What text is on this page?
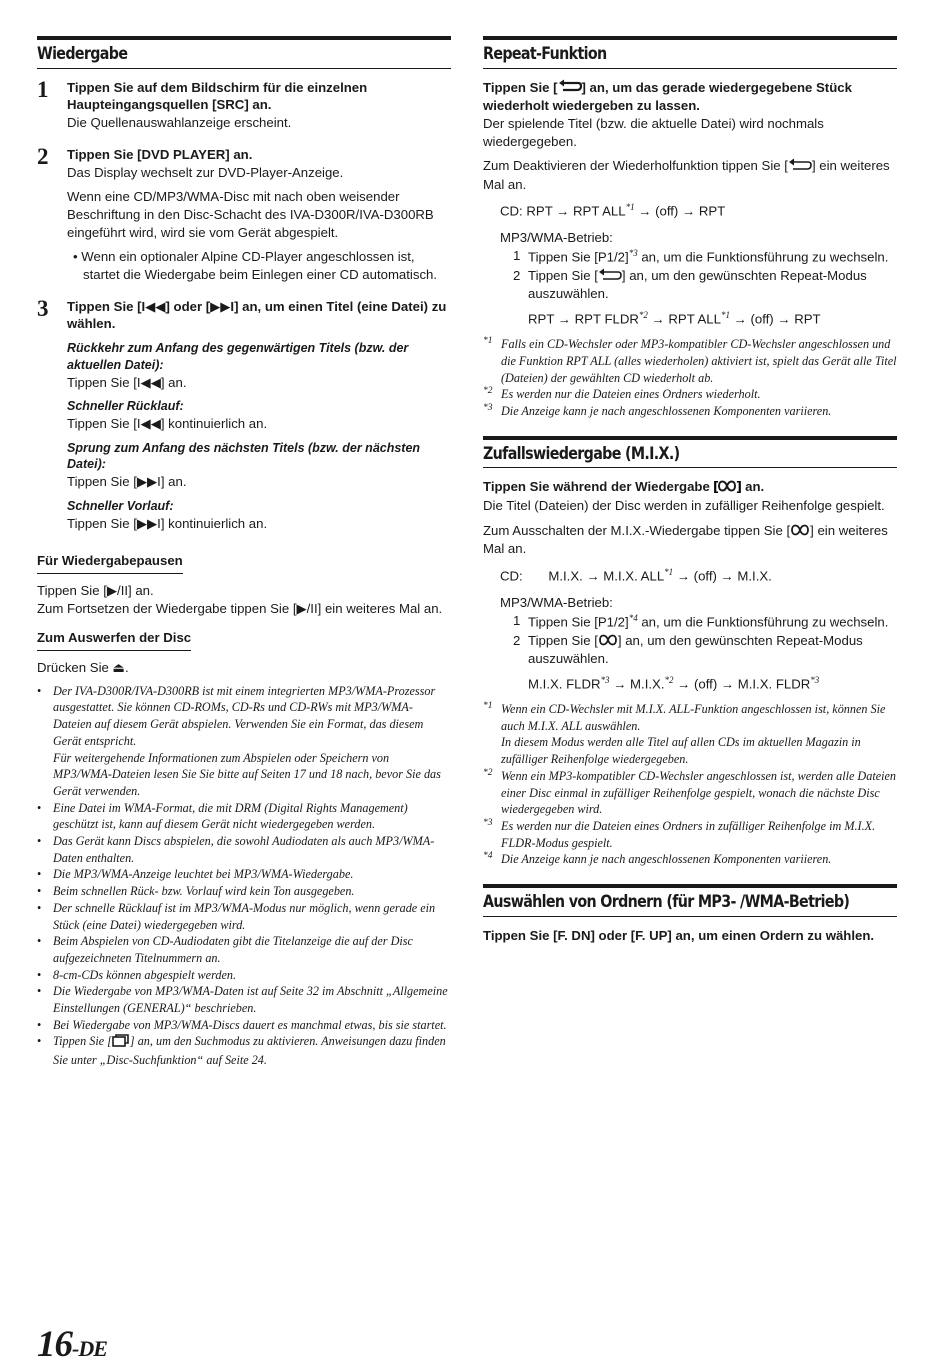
Wiedergabe
1 Tippen Sie auf dem Bildschirm für die einzelnen Haupteingangsquellen [SRC] an.
Die Quellenauswahlanzeige erscheint.
2 Tippen Sie [DVD PLAYER] an.

Das Display wechselt zur DVD-Player-Anzeige.

Wenn eine CD/MP3/WMA-Disc mit nach oben weisender Beschriftung in den Disc-Schacht des IVA-D300R/IVA-D300RB eingeführt wird, wird sie vom Gerät abgespielt.

• Wenn ein optionaler Alpine CD-Player angeschlossen ist, startet die Wiedergabe beim Einlegen einer CD automatisch.

3 Tippen Sie [I◀◀] oder [▶▶I] an, um einen Titel (eine Datei) zu wählen.
Rückkehr zum Anfang des gegenwärtigen Titels (bzw. der aktuellen Datei):
Tippen Sie [I◀◀] an.
Schneller Rücklauf:
Tippen Sie [I◀◀] kontinuierlich an.
Sprung zum Anfang des nächsten Titels (bzw. der nächsten Datei):
Tippen Sie [▶▶I] an.
Schneller Vorlauf:
Tippen Sie [▶▶I] kontinuierlich an.
Für Wiedergabepausen
Tippen Sie [▶/II] an.
Zum Fortsetzen der Wiedergabe tippen Sie [▶/II] ein weiteres Mal an.
Zum Auswerfen der Disc
Drücken Sie ⏏.
• Der IVA-D300R/IVA-D300RB ist mit einem integrierten MP3/WMA-Prozessor ausgestattet. Sie können CD-ROMs, CD-Rs und CD-RWs mit MP3/WMA-Dateien auf diesem Gerät abspielen. Verwenden Sie ein Format, das diesem Gerät entspricht.
Für weitergehende Informationen zum Abspielen oder Speichern von MP3/WMA-Dateien lesen Sie Sie bitte auf Seiten 17 und 18 nach, bevor Sie das Gerät verwenden.
• Eine Datei im WMA-Format, die mit DRM (Digital Rights Management) geschützt ist, kann auf diesem Gerät nicht wiedergegeben werden.
• Das Gerät kann Discs abspielen, die sowohl Audiodaten als auch MP3/WMA-Daten enthalten.
• Die MP3/WMA-Anzeige leuchtet bei MP3/WMA-Wiedergabe.
• Beim schnellen Rück- bzw. Vorlauf wird kein Ton ausgegeben.
• Der schnelle Rücklauf ist im MP3/WMA-Modus nur möglich, wenn gerade ein Stück (eine Datei) wiedergegeben wird.
• Beim Abspielen von CD-Audiodaten gibt die Titelanzeige die auf der Disc aufgezeichneten Titelnummern an.
• 8-cm-CDs können abgespielt werden.
• Die Wiedergabe von MP3/WMA-Daten ist auf Seite 32 im Abschnitt „Allgemeine Einstellungen (GENERAL)“ beschrieben.
• Bei Wiedergabe von MP3/WMA-Discs dauert es manchmal etwas, bis sie startet.
• Tippen Sie [ ] an, um den Suchmodus zu aktivieren. Anweisungen dazu finden Sie unter „Disc-Suchfunktion“ auf Seite 24.
Repeat-Funktion
Tippen Sie [ ] an, um das gerade wiedergegebene Stück wiederholt wiedergeben zu lassen.

Der spielende Titel (bzw. die aktuelle Datei) wird nochmals wiedergegeben.

Zum Deaktivieren der Wiederholfunktion tippen Sie [ ] ein weiteres Mal an.

CD: RPT → RPT $ALL^{*1} \to (off)$ → RPT
MP3/WMA-Betrieb:
1 Tippen Sie $[P1/2]^{*3}$ an, um die Funktionsführung zu wechseln.
2 Tippen Sie [ ] an, um den gewünschten Repeat-Modus auszuwählen.
RPT → RPT $FLDR^{*2}$ → RPT $ALL^{*1} \to (off)$ → RPT
*1 Falls ein CD-Wechsler oder MP3-kompatibler CD-Wechsler angeschlossen und die Funktion RPT ALL (alles wiederholen) aktiviert ist, spielt das Gerät alle Titel (Dateien) der gewählten CD wiederholt ab.
*2 Es werden nur die Dateien eines Ordners wiederholt.
*3 Die Anzeige kann je nach angeschlossenen Komponenten variieren.
Zufallswiedergabe (M.I.X.)
Tippen Sie während der Wiedergabe [ ] an.

Die Titel (Dateien) der Disc werden in zufälliger Reihenfolge gespielt.

Zum Ausschalten der M.I.X.-Wiedergabe tippen Sie [ ] ein weiteres Mal an.

CD:       M.I.X. → M.I.X. $ALL^{*1} \to (off) \to M.I.X$.
MP3/WMA-Betrieb:
1 Tippen Sie $[P1/2]^{*4}$ an, um die Funktionsführung zu wechseln.
2 Tippen Sie [ ] an, um den gewünschten Repeat-Modus auszuwählen.
M.I.X. $FLDR^{*3} \to M.I.X.^{*2} \to (off) \to M.I.X$. FLDR$^{*3}$
*1 Wenn ein CD-Wechsler mit M.I.X. ALL-Funktion angeschlossen ist, können Sie auch M.I.X. ALL auswählen.
In diesem Modus werden alle Titel auf allen CDs im aktuellen Magazin in zufälliger Reihenfolge wiedergegeben.
*2 Wenn ein MP3-kompatibler CD-Wechsler angeschlossen ist, werden alle Dateien einer Disc einmal in zufälliger Reihenfolge gespielt, wonach die nächste Disc wiedergegeben wird.
*3 Es werden nur die Dateien eines Ordners in zufälliger Reihenfolge im M.I.X. FLDR-Modus gespielt.
*4 Die Anzeige kann je nach angeschlossenen Komponenten variieren.
Auswählen von Ordnern (für MP3- /WMA-Betrieb)
Tippen Sie [F. DN] oder [F. UP] an, um einen Ordern zu wählen.
16-DE
